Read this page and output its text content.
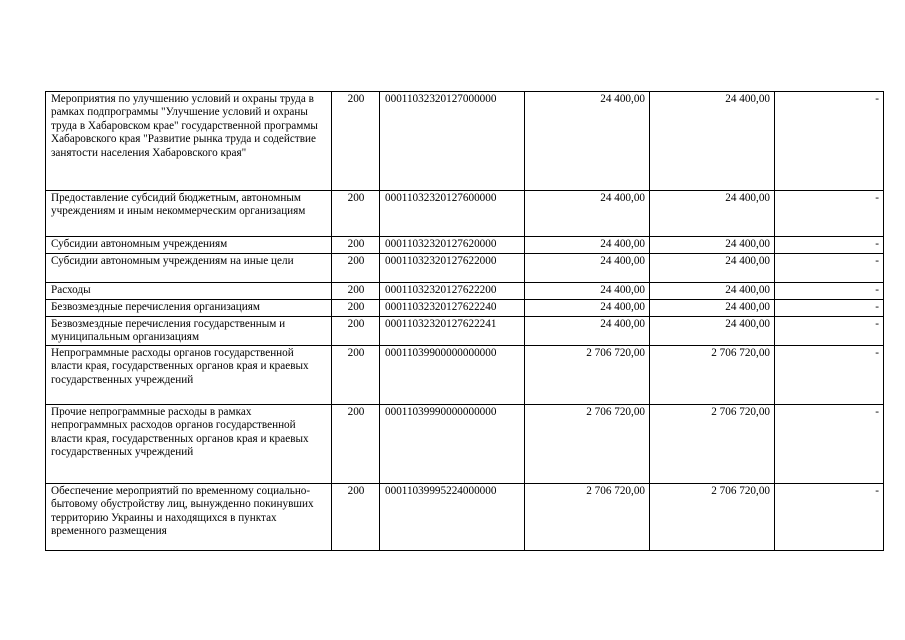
Мероприятия по улучшению условий и охраны труда в рамках подпрограммы "Улучшение условий и охраны труда в Хабаровском крае" государственной программы Хабаровского края "Развитие рынка труда и содействие занятости населения Хабаровского края"	200	00011032320127000000	24 400,00	24 400,00	-
Предоставление субсидий бюджетным, автономным учреждениям и иным некоммерческим организациям	200	00011032320127600000	24 400,00	24 400,00	-
Субсидии автономным учреждениям	200	00011032320127620000	24 400,00	24 400,00	-
Субсидии автономным учреждениям на иные цели	200	00011032320127622000	24 400,00	24 400,00	-
Расходы	200	00011032320127622200	24 400,00	24 400,00	-
Безвозмездные перечисления организациям	200	00011032320127622240	24 400,00	24 400,00	-
Безвозмездные перечисления государственным и муниципальным организациям	200	00011032320127622241	24 400,00	24 400,00	-
Непрограммные расходы органов государственной власти края, государственных органов края и краевых государственных учреждений	200	00011039900000000000	2 706 720,00	2 706 720,00	-
Прочие непрограммные расходы в рамках непрограммных расходов органов государственной власти края, государственных органов края и краевых государственных учреждений	200	00011039990000000000	2 706 720,00	2 706 720,00	-
Обеспечение мероприятий по временному социально-бытовому обустройству лиц, вынужденно покинувших территорию Украины и находящихся в пунктах временного размещения	200	00011039995224000000	2 706 720,00	2 706 720,00	-
